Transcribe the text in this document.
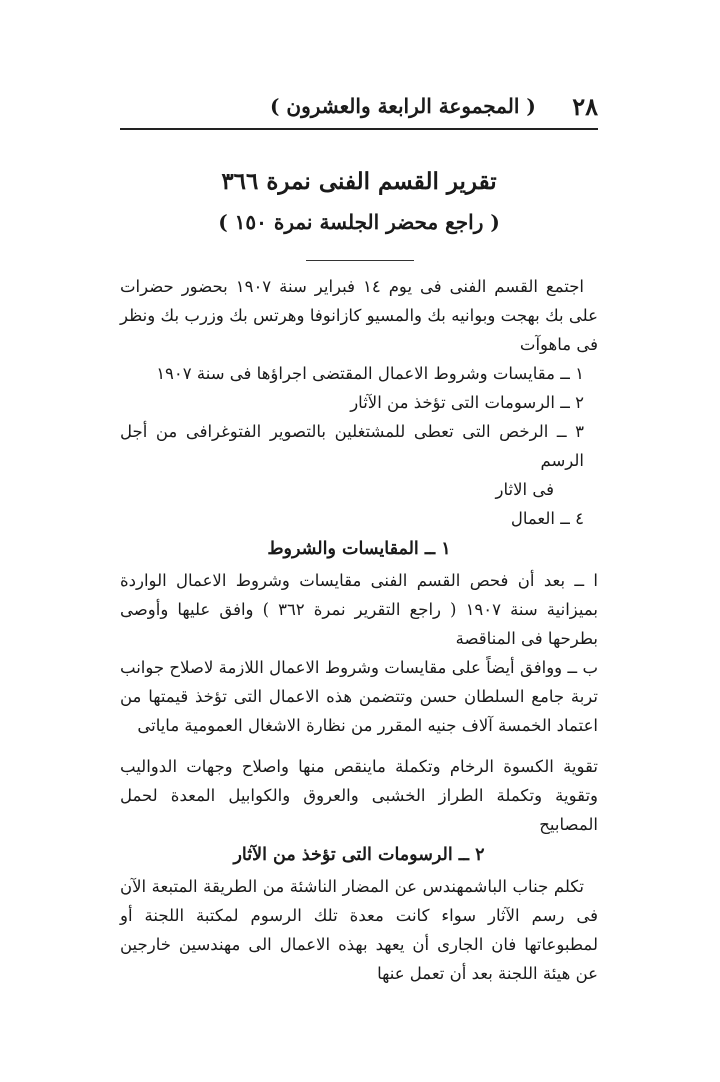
٢٨
( المجموعة الرابعة والعشرون )
تقرير القسم الفنى نمرة ٣٦٦
( راجع محضر الجلسة نمرة ١٥٠ )

اجتمع القسم الفنى فى يوم ١٤ فبراير سنة ١٩٠٧ بحضور حضرات على بك بهجت وبوانيه بك والمسيو كازانوفا وهرتس بك وزرب بك ونظر فى ماهوآت

١ ــ مقايسات وشروط الاعمال المقتضى اجراؤها فى سنة ١٩٠٧
٢ ــ الرسومات التى تؤخذ من الآثار
٣ ــ الرخص التى تعطى للمشتغلين بالتصوير الفتوغرافى من أجل الرسم
فى الاثار
٤ ــ العمال
١ ــ المقايسات والشروط

ا ــ بعد أن فحص القسم الفنى مقايسات وشروط الاعمال الواردة بميزانية سنة ١٩٠٧ ( راجع التقرير نمرة ٣٦٢ ) وافق عليها وأوصى بطرحها فى المناقصة

ب ــ ووافق أيضاً على مقايسات وشروط الاعمال اللازمة لاصلاح جوانب تربة جامع السلطان حسن وتتضمن هذه الاعمال التى تؤخذ قيمتها من اعتماد الخمسة آلاف جنيه المقرر من نظارة الاشغال العمومية ماياتى

تقوية الكسوة الرخام وتكملة ماينقص منها واصلاح وجهات الدواليب وتقوية وتكملة الطراز الخشبى والعروق والكوابيل المعدة لحمل المصابيح

٢ ــ الرسومات التى تؤخذ من الآثار

تكلم جناب الباشمهندس عن المضار الناشئة من الطريقة المتبعة الآن فى رسم الآثار سواء كانت معدة تلك الرسوم لمكتبة اللجنة أو لمطبوعاتها فان الجارى أن يعهد بهذه الاعمال الى مهندسين خارجين عن هيئة اللجنة بعد أن تعمل عنها
